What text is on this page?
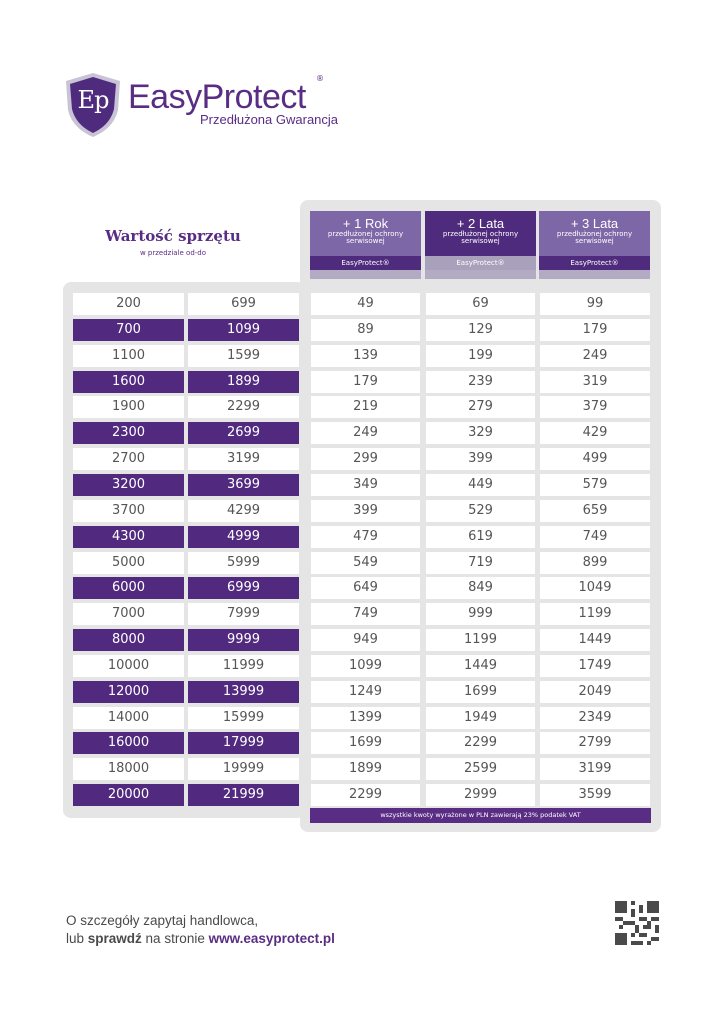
Ep EasyProtect ®
Przedłużona Gwarancja
Wartość sprzętu
w przedziale od-do
+ 1 Rok
przedłużonej ochrony
serwisowej
EasyProtect®
+ 2 Lata
przedłużonej ochrony
serwisowej
EasyProtect®
+ 3 Lata
przedłużonej ochrony
serwisowej
EasyProtect®
200	699	49	69	99
700	1099	89	129	179
1100	1599	139	199	249
1600	1899	179	239	319
1900	2299	219	279	379
2300	2699	249	329	429
2700	3199	299	399	499
3200	3699	349	449	579
3700	4299	399	529	659
4300	4999	479	619	749
5000	5999	549	719	899
6000	6999	649	849	1049
7000	7999	749	999	1199
8000	9999	949	1199	1449
10000	11999	1099	1449	1749
12000	13999	1249	1699	2049
14000	15999	1399	1949	2349
16000	17999	1699	2299	2799
18000	19999	1899	2599	3199
20000	21999	2299	2999	3599
wszystkie kwoty wyrażone w PLN zawierają 23% podatek VAT
O szczegóły zapytaj handlowca,
lub sprawdź na stronie www.easyprotect.pl
